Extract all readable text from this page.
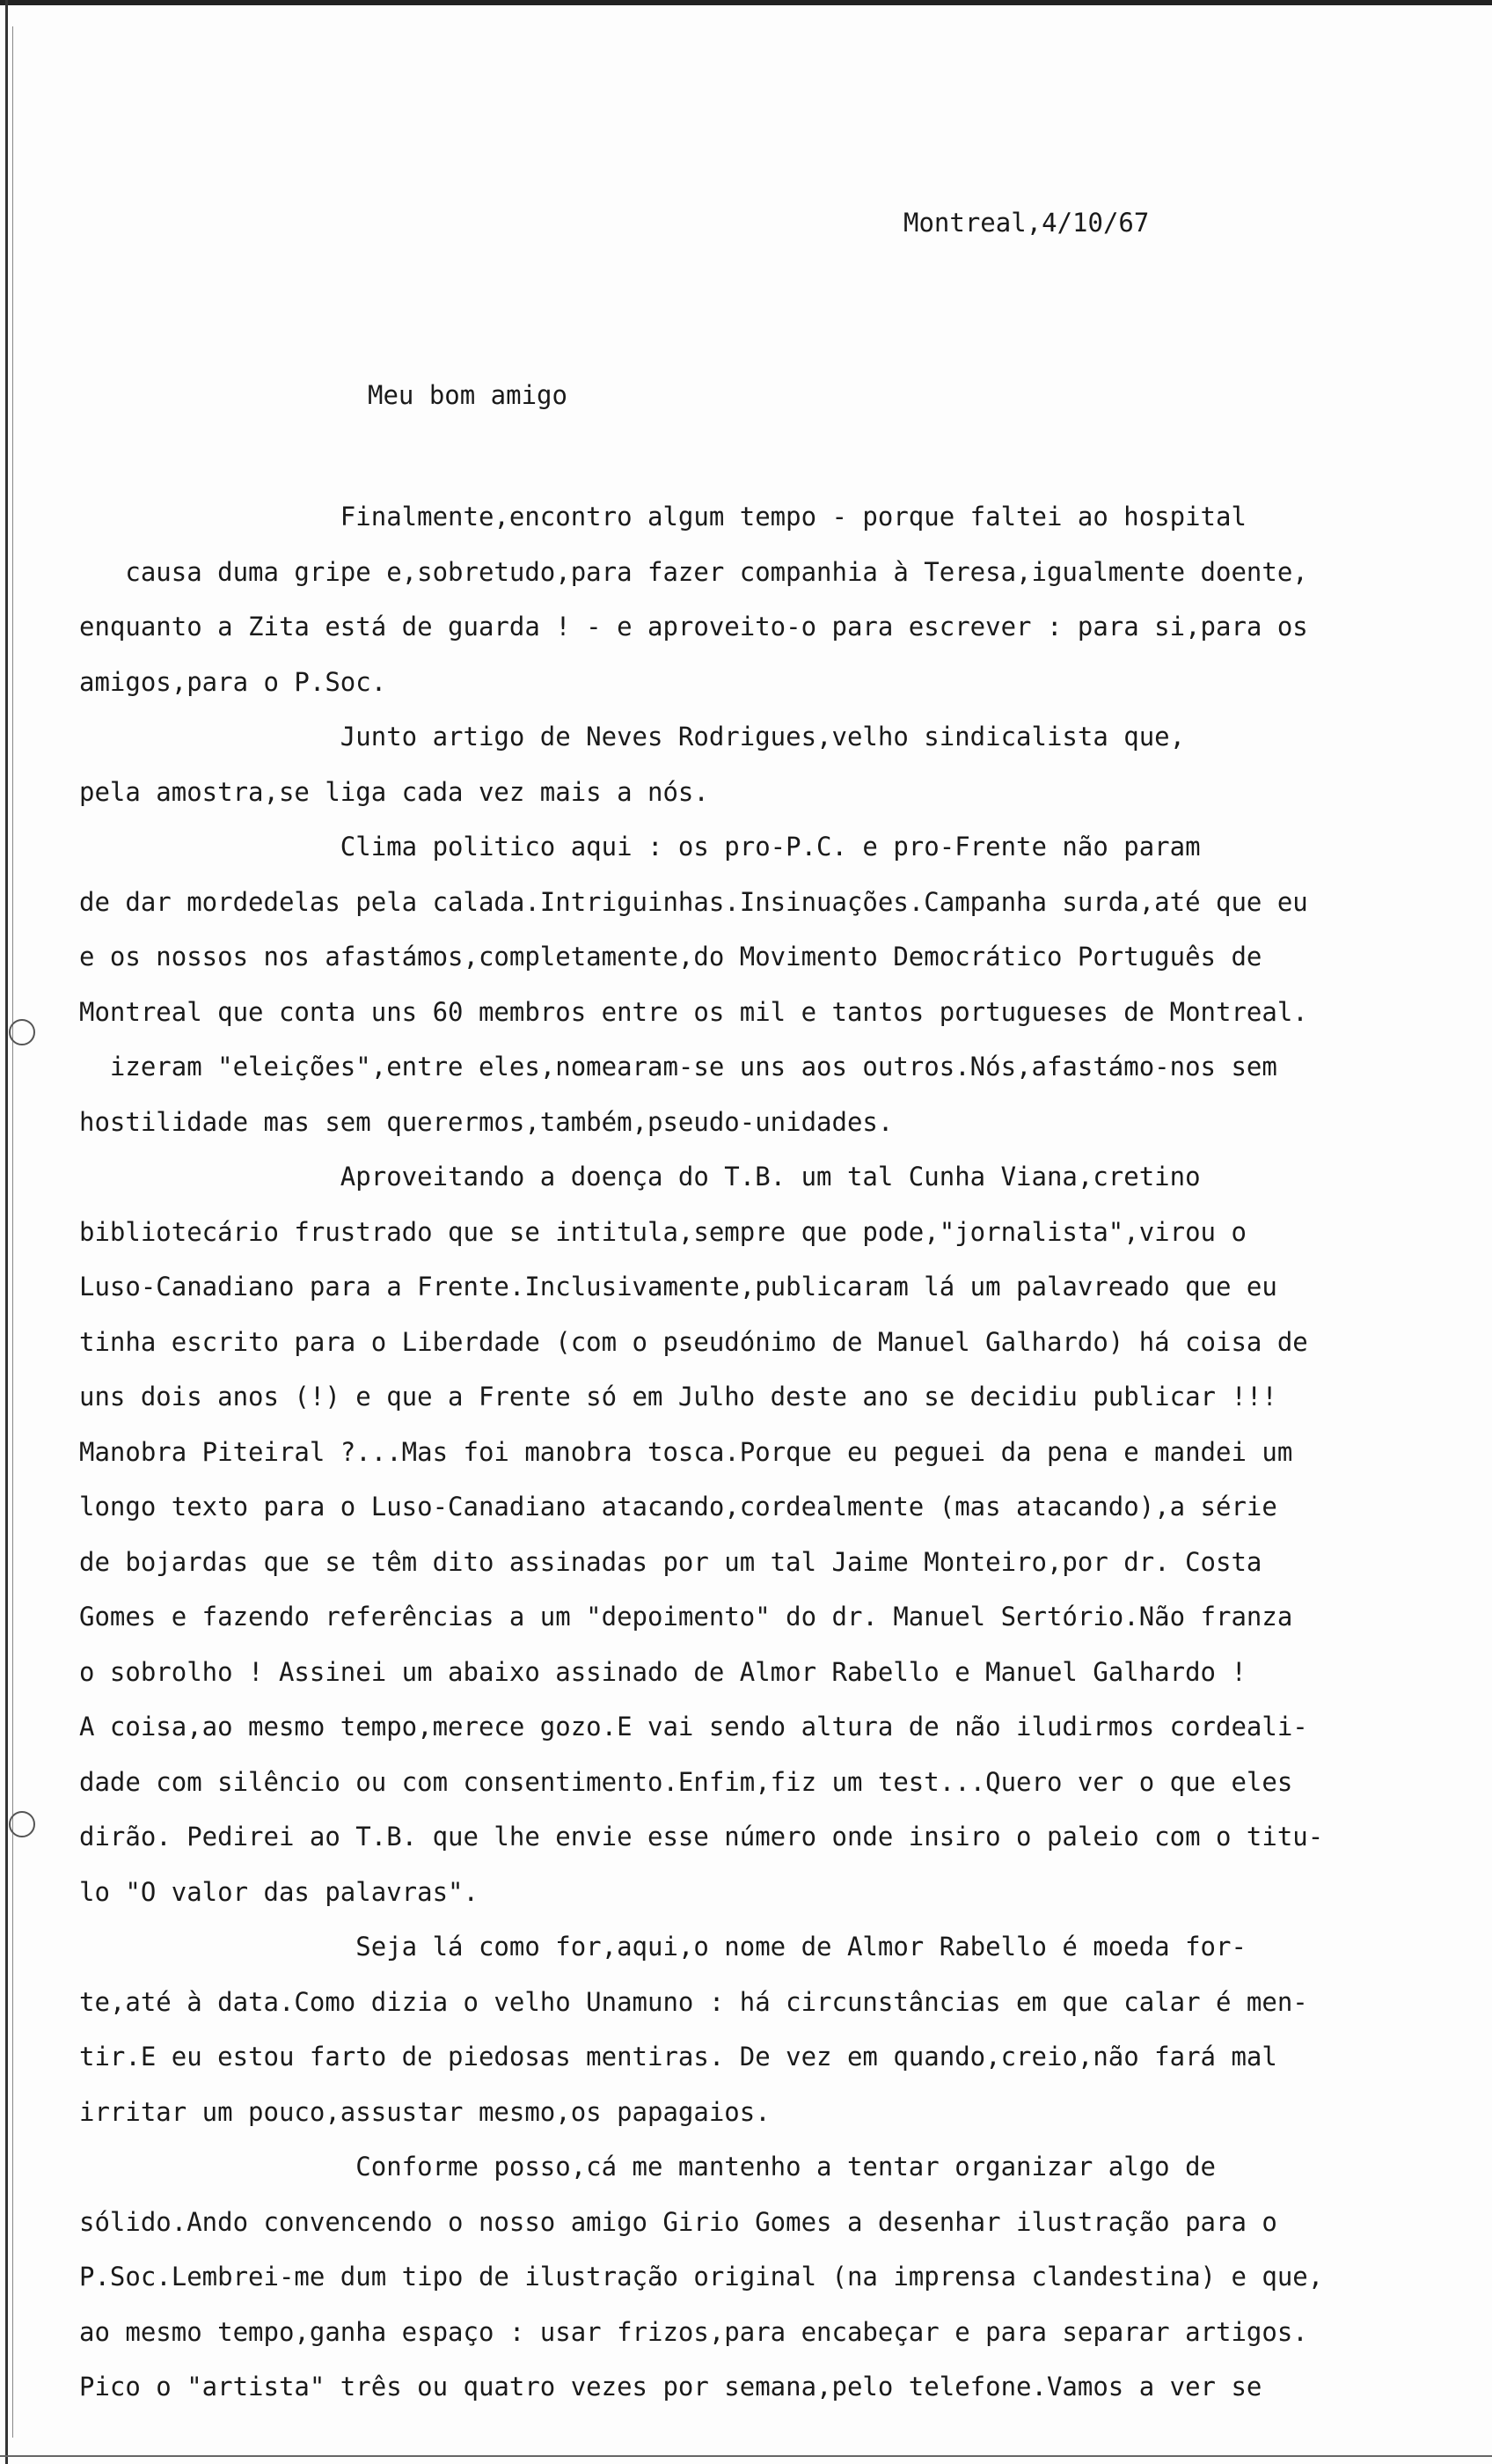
Montreal,4/10/67
Meu bom amigo
Finalmente,encontro algum tempo - porque faltei ao hospital
causa duma gripe e,sobretudo,para fazer companhia à Teresa,igualmente doente,
enquanto a Zita está de guarda ! - e aproveito-o para escrever : para si,para os
amigos,para o P.Soc.
Junto artigo de Neves Rodrigues,velho sindicalista que,
pela amostra,se liga cada vez mais a nós.
Clima politico aqui : os pro-P.C. e pro-Frente não param
de dar mordedelas pela calada.Intriguinhas.Insinuações.Campanha surda,até que eu
e os nossos nos afastámos,completamente,do Movimento Democrático Português de
Montreal que conta uns 60 membros entre os mil e tantos portugueses de Montreal.
izeram "eleições",entre eles,nomearam-se uns aos outros.Nós,afastámo-nos sem
hostilidade mas sem querermos,também,pseudo-unidades.
Aproveitando a doença do T.B. um tal Cunha Viana,cretino
bibliotecário frustrado que se intitula,sempre que pode,"jornalista",virou o
Luso-Canadiano para a Frente.Inclusivamente,publicaram lá um palavreado que eu
tinha escrito para o Liberdade (com o pseudónimo de Manuel Galhardo) há coisa de
uns dois anos (!) e que a Frente só em Julho deste ano se decidiu publicar !!!
Manobra Piteiral ?...Mas foi manobra tosca.Porque eu peguei da pena e mandei um
longo texto para o Luso-Canadiano atacando,cordealmente (mas atacando),a série
de bojardas que se têm dito assinadas por um tal Jaime Monteiro,por dr. Costa
Gomes e fazendo referências a um "depoimento" do dr. Manuel Sertório.Não franza
o sobrolho ! Assinei um abaixo assinado de Almor Rabello e Manuel Galhardo !
A coisa,ao mesmo tempo,merece gozo.E vai sendo altura de não iludirmos cordeali-
dade com silêncio ou com consentimento.Enfim,fiz um test...Quero ver o que eles
dirão. Pedirei ao T.B. que lhe envie esse número onde insiro o paleio com o titu-
lo "O valor das palavras".
Seja lá como for,aqui,o nome de Almor Rabello é moeda for-
te,até à data.Como dizia o velho Unamuno : há circunstâncias em que calar é men-
tir.E eu estou farto de piedosas mentiras. De vez em quando,creio,não fará mal
irritar um pouco,assustar mesmo,os papagaios.
Conforme posso,cá me mantenho a tentar organizar algo de
sólido.Ando convencendo o nosso amigo Girio Gomes a desenhar ilustração para o
P.Soc.Lembrei-me dum tipo de ilustração original (na imprensa clandestina) e que,
ao mesmo tempo,ganha espaço : usar frizos,para encabeçar e para separar artigos.
Pico o "artista" três ou quatro vezes por semana,pelo telefone.Vamos a ver se
